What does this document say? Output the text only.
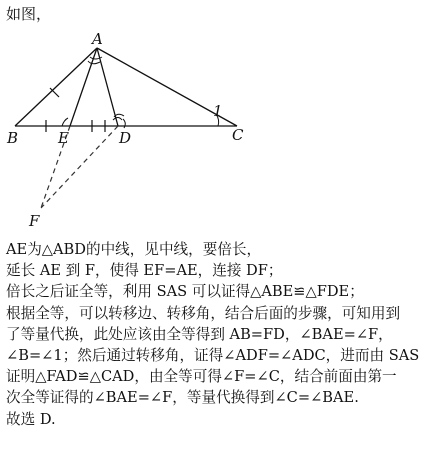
如图，
A
B	E	D	C
F
1

AE为△ABD的中线，见中线，要倍长，

延长 AE 到 F，使得 EF=AE，连接 DF；

倍长之后证全等，利用 SAS 可以证得△ABE≌△FDE；

根据全等，可以转移边、转移角，结合后面的步骤，可知用到

了等量代换，此处应该由全等得到 AB=FD，∠BAE=∠F，

∠B=∠1；然后通过转移角，证得∠ADF=∠ADC，进而由 SAS

证明△FAD≌△CAD，由全等可得∠F=∠C，结合前面由第一

次全等证得的∠BAE=∠F，等量代换得到∠C=∠BAE.

故选 D.
